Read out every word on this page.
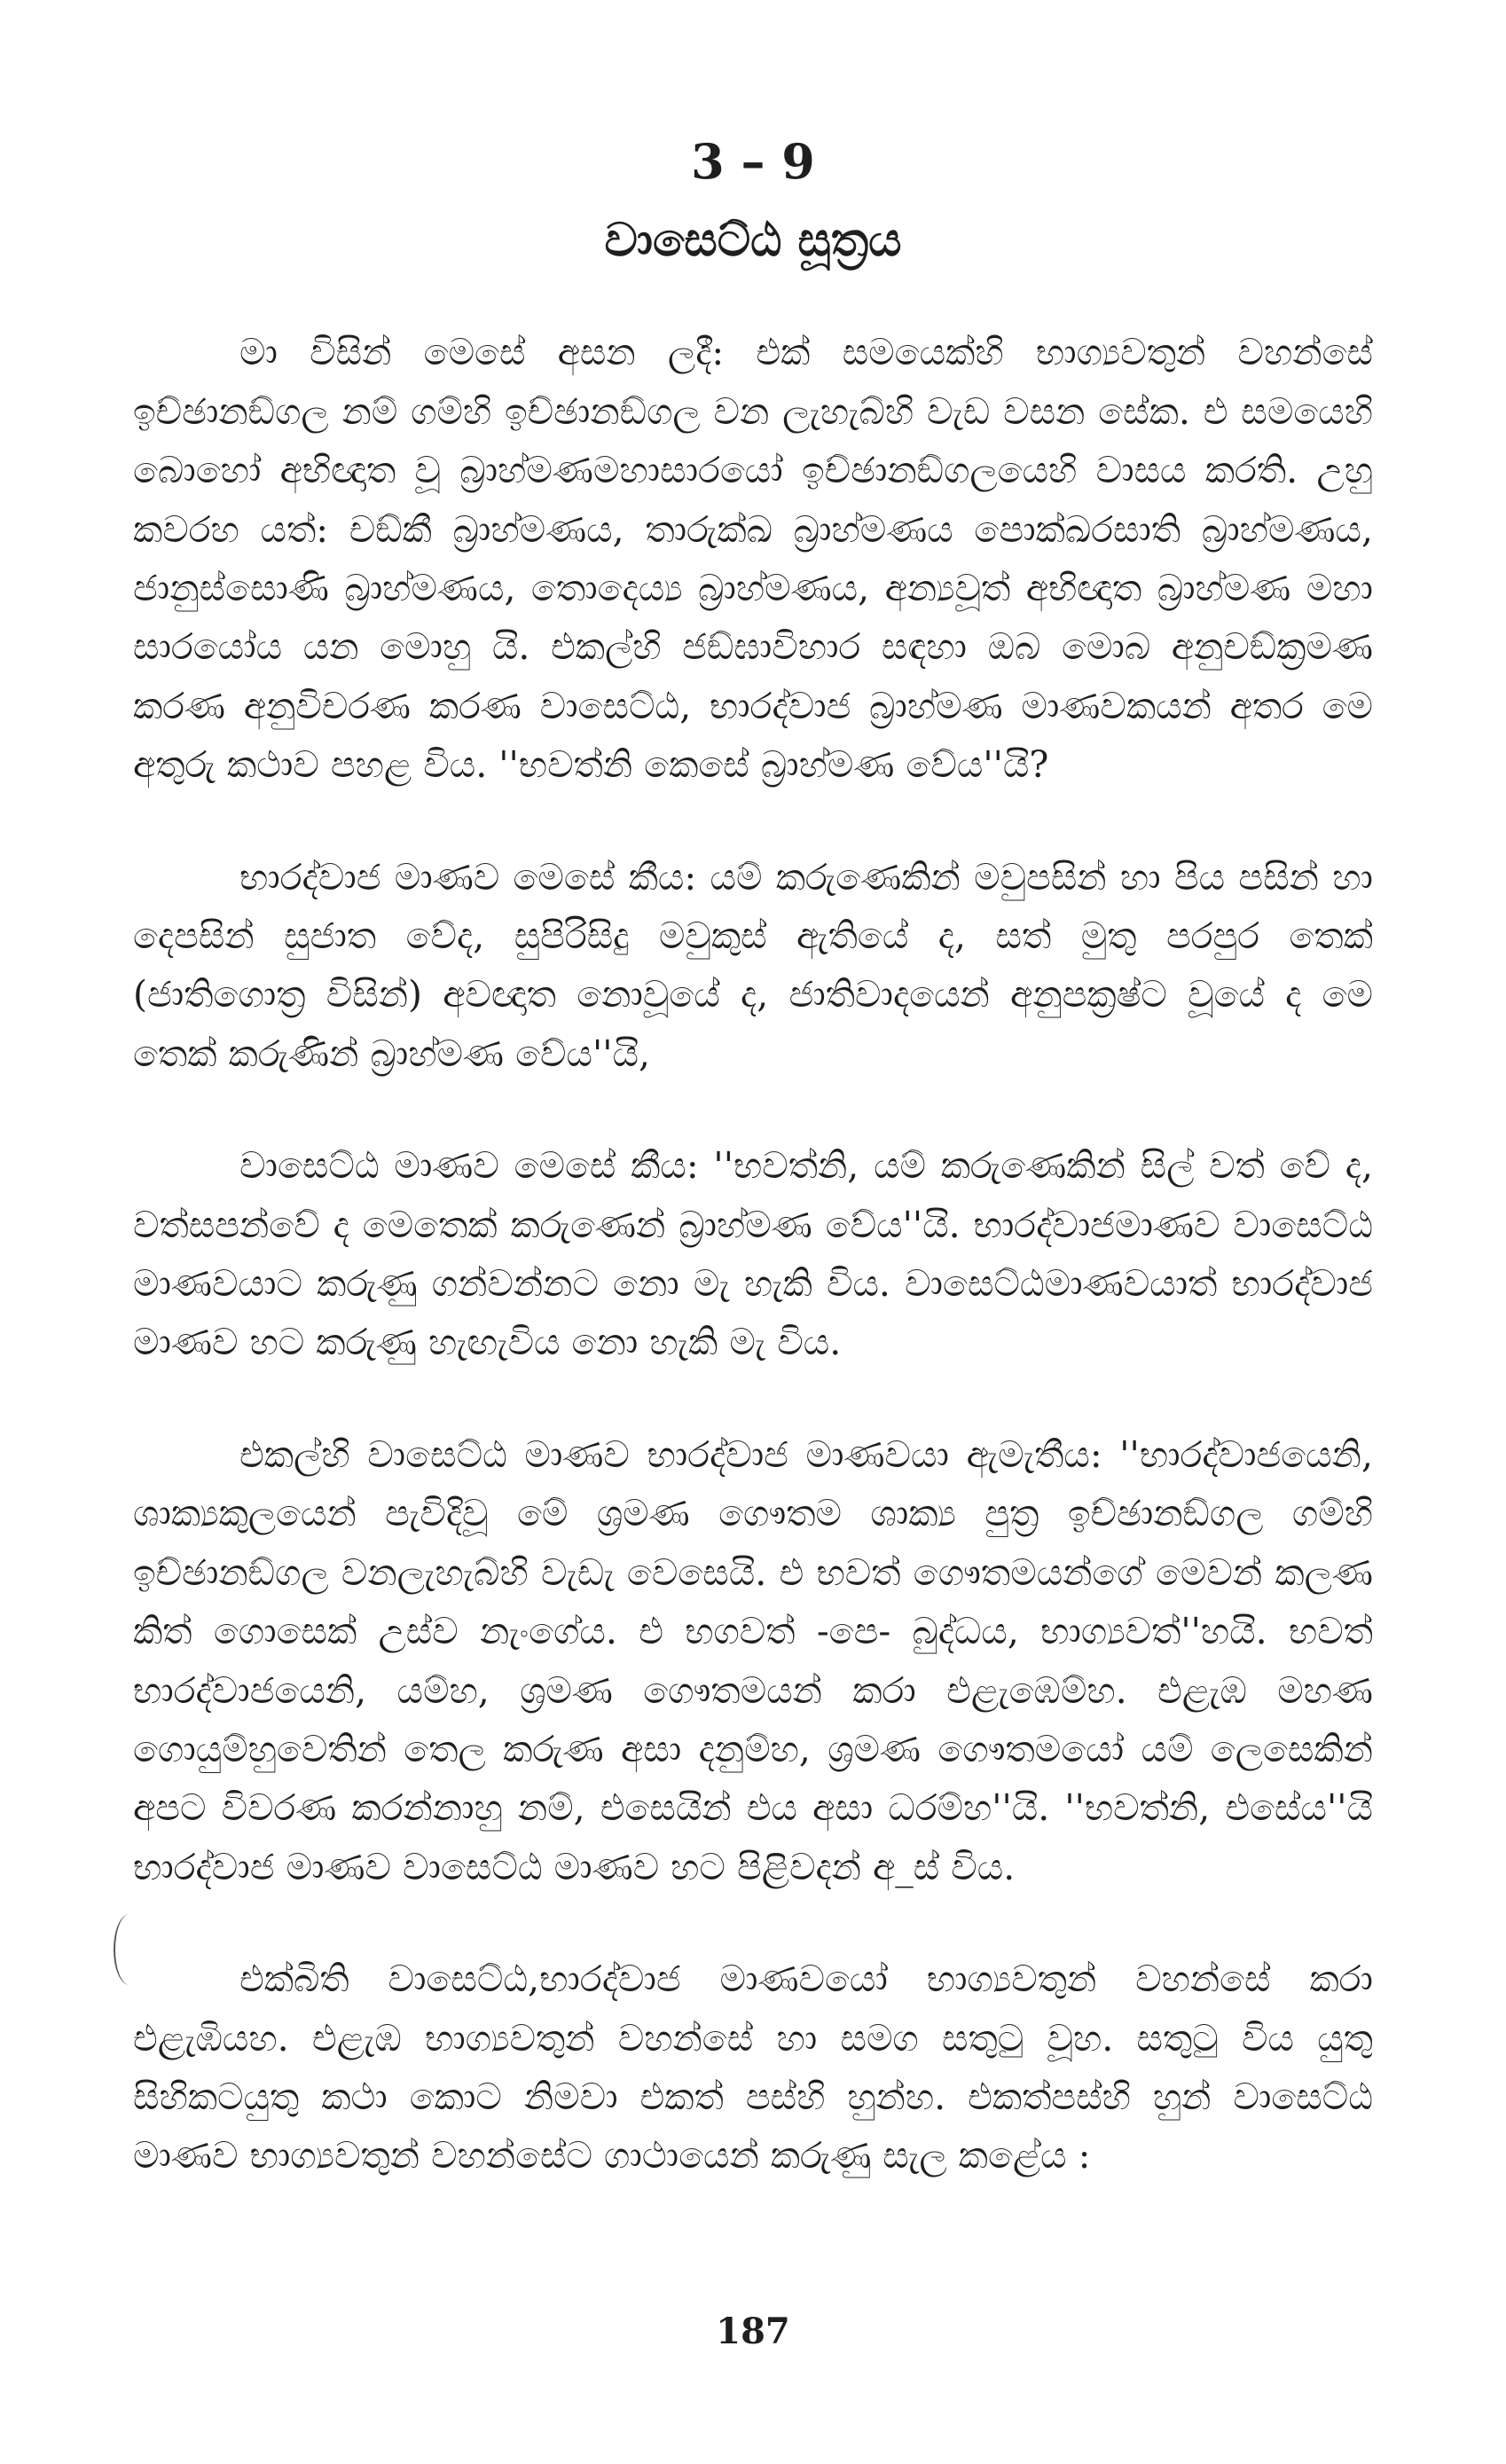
3 – 9
වාසෙට්ඨ සූත්‍රය

මා විසින් මෙසේ අසන ලදී: එක් සමයෙක්හි භාග්‍යවතුන් වහන්සේ ඉච්ඡානඞ්ගල නම් ගම්හි ඉච්ඡානඞ්ගල වන ලැහැබ්හි වැඩ වසන සේක. එ සමයෙහි බොහෝ අභිඥාත වූ බ්‍රාහ්මණමහාසාරයෝ ඉච්ඡානඞ්ගලයෙහි වාසය කරති. උහු කවරහ යත්: චඞ්කී බ්‍රාහ්මණය, තාරුක්ඛ බ්‍රාහ්මණය පොක්ඛරසාති බ්‍රාහ්මණය, ජානුස්සොණි බ්‍රාහ්මණය, තොදෙය්‍ය බ්‍රාහ්මණය, අන්‍යවූත් අභිඥාත බ්‍රාහ්මණ මහා සාරයෝය යන මොහු යි. එකල්හි ජඞ්ඝාවිහාර සඳහා ඔබ මොබ අනුචඞ්ක්‍රමණ කරණ අනුවිචරණ කරණ වාසෙට්ඨ, භාරද්වාජ බ්‍රාහ්මණ මාණවකයන් අතර මෙ අතුරු කථාව පහළ විය. ''භවත්නි කෙසේ බ්‍රාහ්මණ වේය''යි?

භාරද්වාජ මාණව මෙසේ කීය: යම් කරුණෙකින් මවුපසින් හා පිය පසින් හා දෙපසින් සුජාත වේද, සුපිරිසිදු මවුකුස් ඇතියේ ද, සත් මුතු පරපුර තෙක් (ජාතිගොත්‍ර විසින්) අවඥාත නොවූයේ ද, ජාතිවාදයෙන් අනුපක්‍රෂ්ට වූයේ ද මෙ තෙක් කරුණින් බ්‍රාහ්මණ වේය''යි,

වාසෙට්ඨ මාණව මෙසේ කීය: ''භවත්නි, යම් කරුණෙකින් සිල් වත් වේ ද, වත්සපන්වේ ද මෙතෙක් කරුණෙන් බ්‍රාහ්මණ වේය''යි. භාරද්වාජමාණව වාසෙට්ඨ මාණවයාට කරුණු ගන්වන්නට නො මැ හැකි විය. වාසෙට්ඨමාණවයාත් භාරද්වාජ මාණව හට කරුණු හැඟැවිය නො හැකි මැ විය.

එකල්හි වාසෙට්ඨ මාණව භාරද්වාජ මාණවයා ඇමැතීය: ''භාරද්වාජයෙනි, ශාක්‍යකුලයෙන් පැවිදිවූ මේ ශ්‍රමණ ගෞතම ශාක්‍ය පුත්‍ර ඉච්ඡානඞ්ගල ගම්හි ඉච්ඡානඞ්ගල වනලැහැබ්හි වැඩැ වෙසෙයි. එ භවත් ගෞතමයන්ගේ මෙවන් කලණ කිත් ගොසෙක් උස්ව නැංගේය. එ භගවත් -පෙ- බුද්ධය, භාග්‍යවත්''හයි. භවත් භාරද්වාජයෙනි, යම්හ, ශ්‍රමණ ගෞතමයන් කරා එළැඹෙම්හ. එළැඹ මහණ ගොයුම්හුවෙතින් තෙල කරුණ අසා දනුම්හ, ශ්‍රමණ ගෞතමයෝ යම් ලෙසෙකින් අපට විවරණ කරන්නාහු නම්, එසෙයින් එය අසා ධරම්හ''යි. ''භවත්නි, එසේය''යි භාරද්වාජ මාණව වාසෙට්ඨ මාණව හට පිළිවදන් අ_ස් විය.

එක්බිති වාසෙට්ඨ,භාරද්වාජ මාණවයෝ භාග්‍යවතුන් වහන්සේ කරා එළැඹියහ. එළැඹ භාග්‍යවතුන් වහන්සේ හා සමග සතුටු වූහ. සතුටු විය යුතු සිහිකටයුතු කථා කොට නිමවා එකත් පස්හි හුන්හ. එකත්පස්හි හුන් වාසෙට්ඨ මාණව භාග්‍යවතුන් වහන්සේට ගාථායෙන් කරුණු සැල කළේය :

187
